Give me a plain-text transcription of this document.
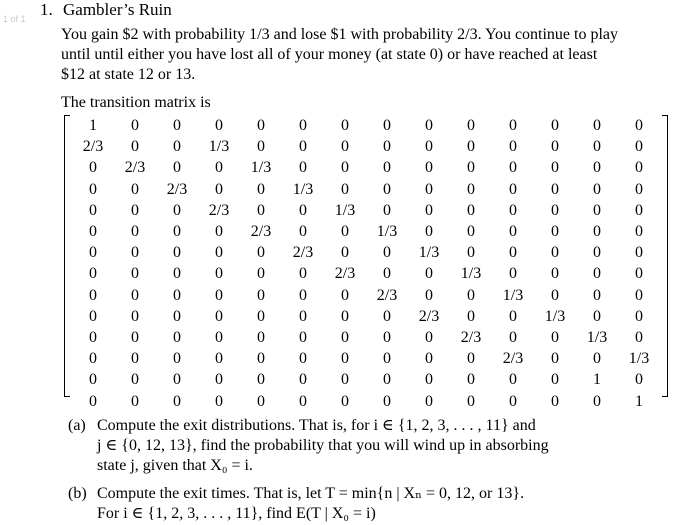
1 of 1 1. Gambler’s Ruin
You gain $2 with probability 1/3 and lose $1 with probability 2/3. You continue to play until until either you have lost all of your money (at state 0) or have reached at least $12 at state 12 or 13.
The transition matrix is
1	0	0	0	0	0	0	0	0	0	0	0	0	0
2/3	0	0	1/3	0	0	0	0	0	0	0	0	0	0
0	2/3	0	0	1/3	0	0	0	0	0	0	0	0	0
0	0	2/3	0	0	1/3	0	0	0	0	0	0	0	0
0	0	0	2/3	0	0	1/3	0	0	0	0	0	0	0
0	0	0	0	2/3	0	0	1/3	0	0	0	0	0	0
0	0	0	0	0	2/3	0	0	1/3	0	0	0	0	0
0	0	0	0	0	0	2/3	0	0	1/3	0	0	0	0
0	0	0	0	0	0	0	2/3	0	0	1/3	0	0	0
0	0	0	0	0	0	0	0	2/3	0	0	1/3	0	0
0	0	0	0	0	0	0	0	0	2/3	0	0	1/3	0
0	0	0	0	0	0	0	0	0	0	2/3	0	0	1/3
0	0	0	0	0	0	0	0	0	0	0	0	1	0
0	0	0	0	0	0	0	0	0	0	0	0	0	1
(a) Compute the exit distributions. That is, for i ∈ {1, 2, 3, . . . , 11} and
j ∈ {0, 12, 13}, find the probability that you will wind up in absorbing
state j, given that X₀ = i.
(b) Compute the exit times. That is, let T = min{n | Xₙ = 0, 12, or 13}.
For i ∈ {1, 2, 3, . . . , 11}, find E(T | X₀ = i)
